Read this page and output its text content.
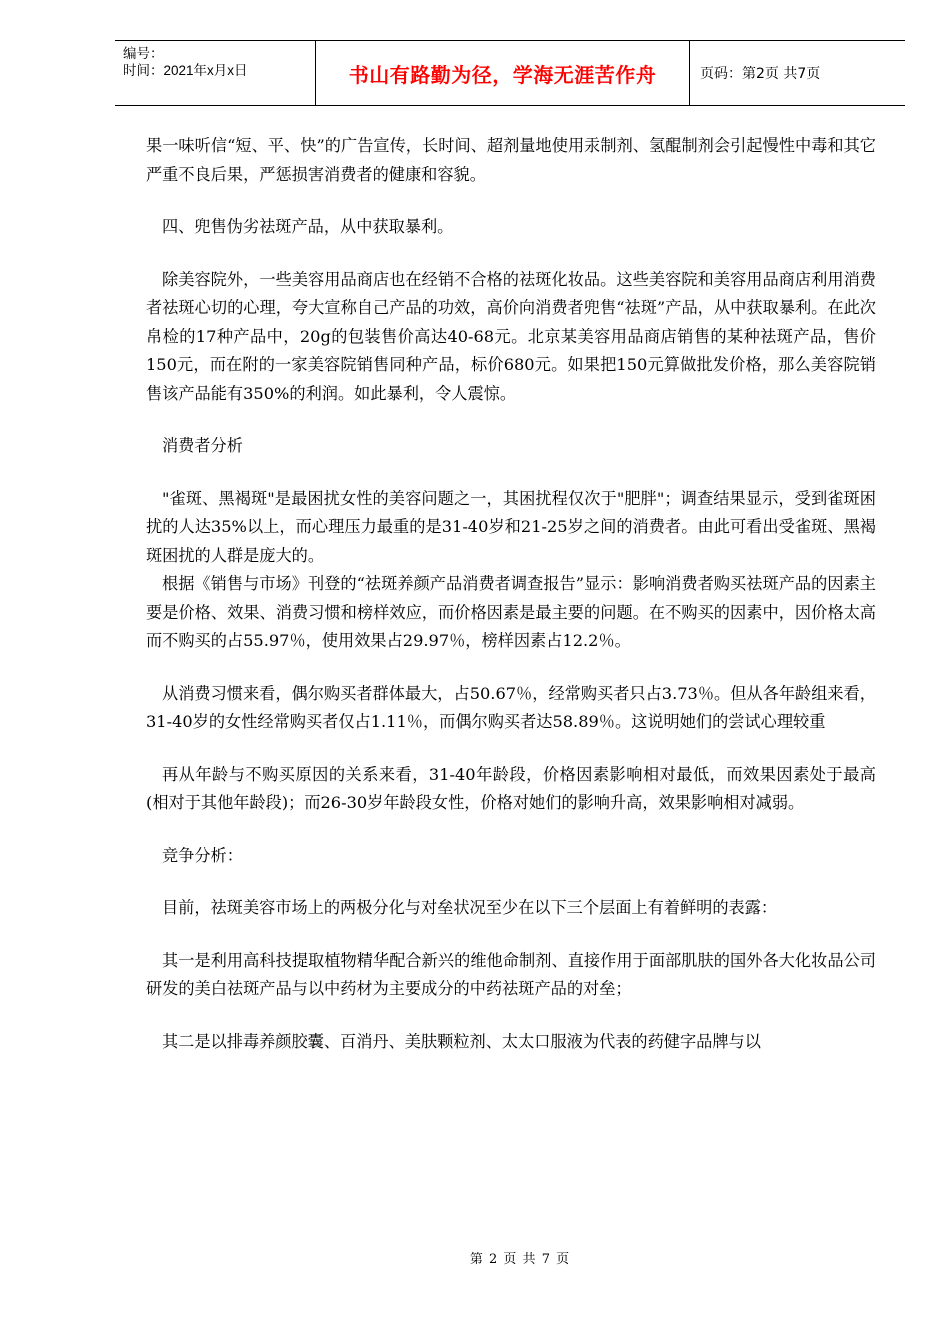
编号：
时间：2021年x月x日	书山有路勤为径，学海无涯苦作舟	页码：第2页 共7页

果一味听信“短、平、快”的广告宣传，长时间、超剂量地使用汞制剂、氢醌制剂会引起慢性中毒和其它严重不良后果，严惩损害消费者的健康和容貌。

四、兜售伪劣祛斑产品，从中获取暴利。

除美容院外，一些美容用品商店也在经销不合格的祛斑化妆品。这些美容院和美容用品商店利用消费者祛斑心切的心理，夸大宣称自己产品的功效，高价向消费者兜售“祛斑”产品，从中获取暴利。在此次帛检的17种产品中，20g的包装售价高达40-68元。北京某美容用品商店销售的某种祛斑产品，售价150元，而在附的一家美容院销售同种产品，标价680元。如果把150元算做批发价格，那么美容院销售该产品能有350%的利润。如此暴利，令人震惊。

消费者分析

"雀斑、黑褐斑"是最困扰女性的美容问题之一，其困扰程仅次于"肥胖"；调查结果显示，受到雀斑困扰的人达35%以上，而心理压力最重的是31-40岁和21-25岁之间的消费者。由此可看出受雀斑、黑褐斑困扰的人群是庞大的。

根据《销售与市场》刊登的“祛斑养颜产品消费者调查报告”显示：影响消费者购买祛斑产品的因素主要是价格、效果、消费习惯和榜样效应，而价格因素是最主要的问题。在不购买的因素中，因价格太高而不购买的占55.97％，使用效果占29.97％，榜样因素占12.2％。

从消费习惯来看，偶尔购买者群体最大，占50.67％，经常购买者只占3.73％。但从各年龄组来看，31-40岁的女性经常购买者仅占1.11％，而偶尔购买者达58.89％。这说明她们的尝试心理较重

再从年龄与不购买原因的关系来看，31-40年龄段，价格因素影响相对最低，而效果因素处于最高(相对于其他年龄段)；而26-30岁年龄段女性，价格对她们的影响升高，效果影响相对减弱。

竞争分析：

目前，祛斑美容市场上的两极分化与对垒状况至少在以下三个层面上有着鲜明的表露：

其一是利用高科技提取植物精华配合新兴的维他命制剂、直接作用于面部肌肤的国外各大化妆品公司研发的美白祛斑产品与以中药材为主要成分的中药祛斑产品的对垒；

其二是以排毒养颜胶囊、百消丹、美肤颗粒剂、太太口服液为代表的药健字品牌与以

第 2 页 共 7 页
